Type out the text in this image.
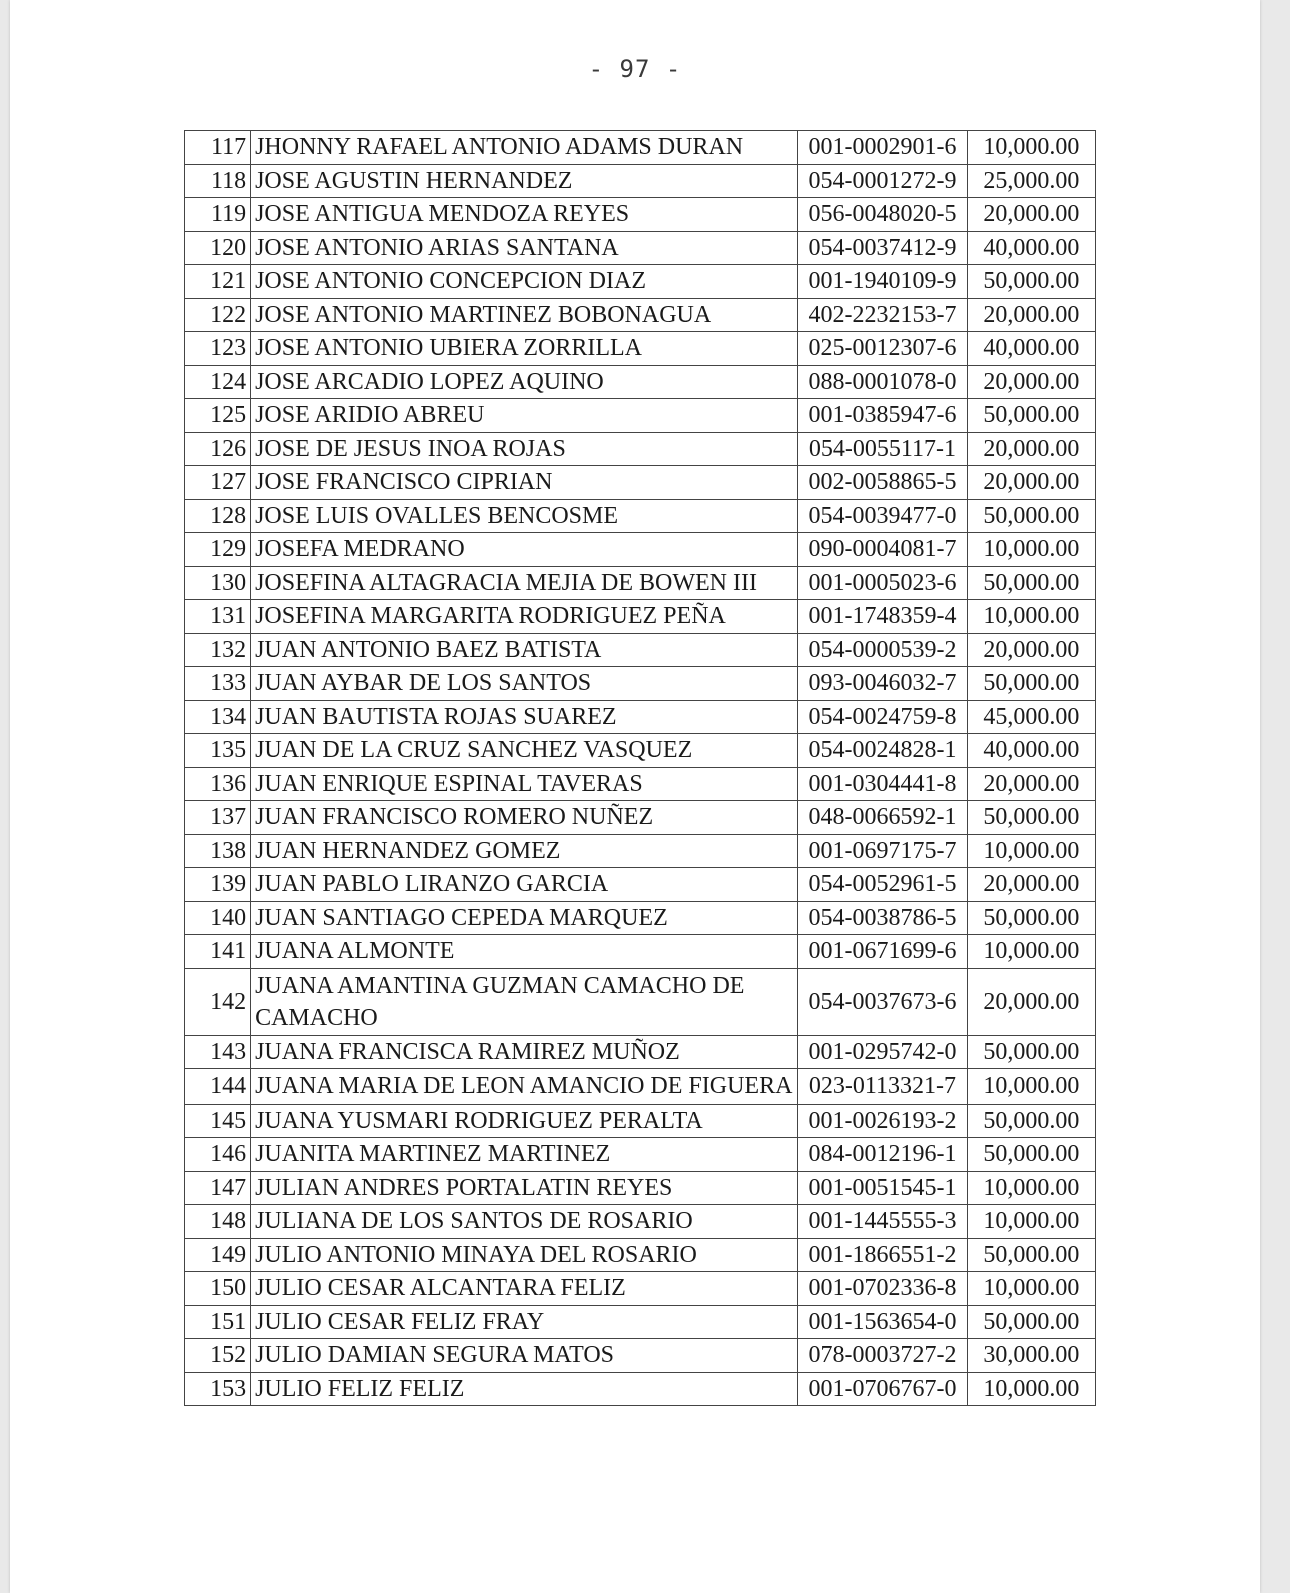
- 97 -
117	JHONNY RAFAEL ANTONIO ADAMS DURAN	001-0002901-6	10,000.00
118	JOSE AGUSTIN HERNANDEZ	054-0001272-9	25,000.00
119	JOSE ANTIGUA MENDOZA REYES	056-0048020-5	20,000.00
120	JOSE ANTONIO ARIAS SANTANA	054-0037412-9	40,000.00
121	JOSE ANTONIO CONCEPCION DIAZ	001-1940109-9	50,000.00
122	JOSE ANTONIO MARTINEZ BOBONAGUA	402-2232153-7	20,000.00
123	JOSE ANTONIO UBIERA ZORRILLA	025-0012307-6	40,000.00
124	JOSE ARCADIO LOPEZ AQUINO	088-0001078-0	20,000.00
125	JOSE ARIDIO ABREU	001-0385947-6	50,000.00
126	JOSE DE JESUS INOA ROJAS	054-0055117-1	20,000.00
127	JOSE FRANCISCO CIPRIAN	002-0058865-5	20,000.00
128	JOSE LUIS OVALLES BENCOSME	054-0039477-0	50,000.00
129	JOSEFA MEDRANO	090-0004081-7	10,000.00
130	JOSEFINA ALTAGRACIA MEJIA DE BOWEN III	001-0005023-6	50,000.00
131	JOSEFINA MARGARITA RODRIGUEZ PEÑA	001-1748359-4	10,000.00
132	JUAN ANTONIO BAEZ BATISTA	054-0000539-2	20,000.00
133	JUAN AYBAR DE LOS SANTOS	093-0046032-7	50,000.00
134	JUAN BAUTISTA ROJAS SUAREZ	054-0024759-8	45,000.00
135	JUAN DE LA CRUZ SANCHEZ VASQUEZ	054-0024828-1	40,000.00
136	JUAN ENRIQUE ESPINAL TAVERAS	001-0304441-8	20,000.00
137	JUAN FRANCISCO ROMERO NUÑEZ	048-0066592-1	50,000.00
138	JUAN HERNANDEZ GOMEZ	001-0697175-7	10,000.00
139	JUAN PABLO LIRANZO GARCIA	054-0052961-5	20,000.00
140	JUAN SANTIAGO CEPEDA MARQUEZ	054-0038786-5	50,000.00
141	JUANA ALMONTE	001-0671699-6	10,000.00
142	JUANA AMANTINA GUZMAN CAMACHO DE CAMACHO	054-0037673-6	20,000.00
143	JUANA FRANCISCA RAMIREZ MUÑOZ	001-0295742-0	50,000.00
144	JUANA MARIA DE LEON AMANCIO DE FIGUERA	023-0113321-7	10,000.00
145	JUANA YUSMARI RODRIGUEZ PERALTA	001-0026193-2	50,000.00
146	JUANITA MARTINEZ MARTINEZ	084-0012196-1	50,000.00
147	JULIAN ANDRES PORTALATIN REYES	001-0051545-1	10,000.00
148	JULIANA DE LOS SANTOS DE ROSARIO	001-1445555-3	10,000.00
149	JULIO ANTONIO MINAYA DEL ROSARIO	001-1866551-2	50,000.00
150	JULIO CESAR ALCANTARA FELIZ	001-0702336-8	10,000.00
151	JULIO CESAR FELIZ FRAY	001-1563654-0	50,000.00
152	JULIO DAMIAN SEGURA MATOS	078-0003727-2	30,000.00
153	JULIO FELIZ FELIZ	001-0706767-0	10,000.00
